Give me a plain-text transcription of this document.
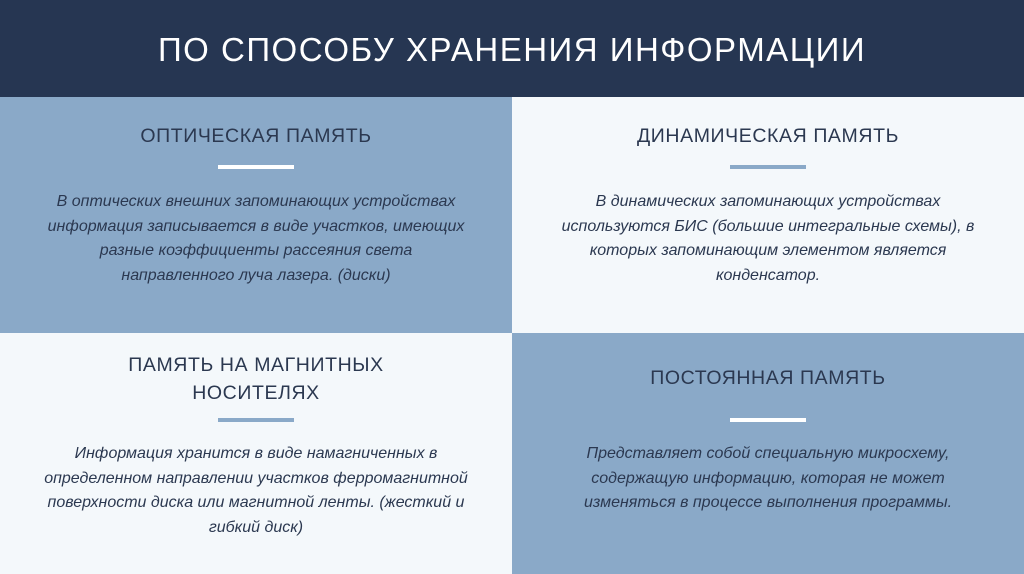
ПО СПОСОБУ ХРАНЕНИЯ ИНФОРМАЦИИ
ОПТИЧЕСКАЯ ПАМЯТЬ

В оптических внешних запоминающих устройствах информация записывается в виде участков, имеющих разные коэффициенты рассеяния света направленного луча лазера. (диски)

ДИНАМИЧЕСКАЯ ПАМЯТЬ

В динамических запоминающих устройствах используются БИС (большие интегральные схемы), в которых запоминающим элементом является конденсатор.

ПАМЯТЬ НА МАГНИТНЫХ НОСИТЕЛЯХ

Информация хранится в виде намагниченных в определенном направлении участков ферромагнитной поверхности диска или магнитной ленты. (жесткий и гибкий диск)

ПОСТОЯННАЯ ПАМЯТЬ

Представляет собой специальную микросхему, содержащую информацию, которая не может изменяться в процессе выполнения программы.
